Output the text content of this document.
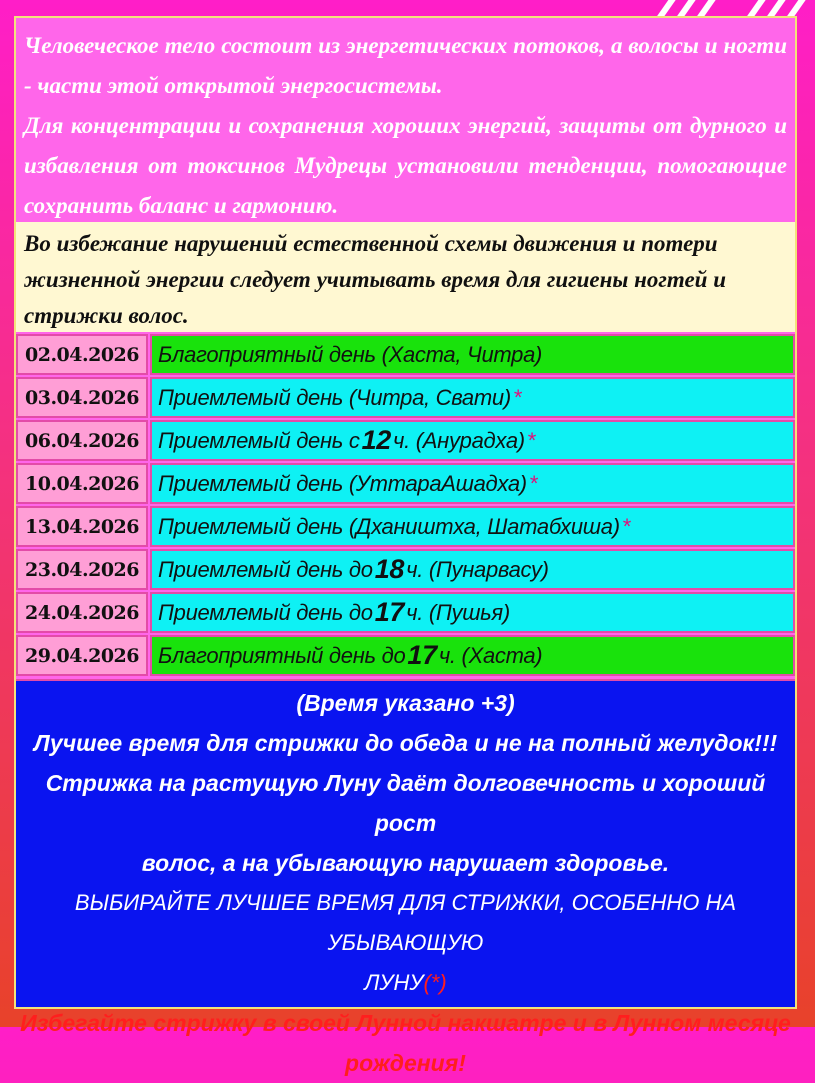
Человеческое тело состоит из энергетических потоков, а волосы и ногти - части этой открытой энергосистемы.

Для концентрации и сохранения хороших энергий, защиты от дурного и избавления от токсинов Мудрецы установили тенденции, помогающие сохранить баланс и гармонию.

Во избежание нарушений естественной схемы движения и потери жизненной энергии следует учитывать время для гигиены ногтей и стрижки волос.
02.04.2026 Благоприятный день (Хаста, Читра)
03.04.2026 Приемлемый день (Читра, Свати) *
06.04.2026 Приемлемый день с 12 ч. (Анурадха) *
10.04.2026 Приемлемый день (УттараАшадха) *
13.04.2026 Приемлемый день (Дхаништха, Шатабхиша) *
23.04.2026 Приемлемый день до 18 ч. (Пунарвасу)
24.04.2026 Приемлемый день до 17 ч. (Пушья)
29.04.2026 Благоприятный день до 17 ч. (Хаста)
(Время указано +3)
Лучшее время для стрижки до обеда и не на полный желудок!!!
Стрижка на растущую Луну даёт долговечность и хороший рост
волос, а на убывающую нарушает здоровье.
ВЫБИРАЙТЕ ЛУЧШЕЕ ВРЕМЯ ДЛЯ СТРИЖКИ, ОСОБЕННО НА УБЫВАЮЩУЮ
ЛУНУ(*)
Избегайте стрижку в своей Лунной накшатре и в Лунном месяце
рождения!
